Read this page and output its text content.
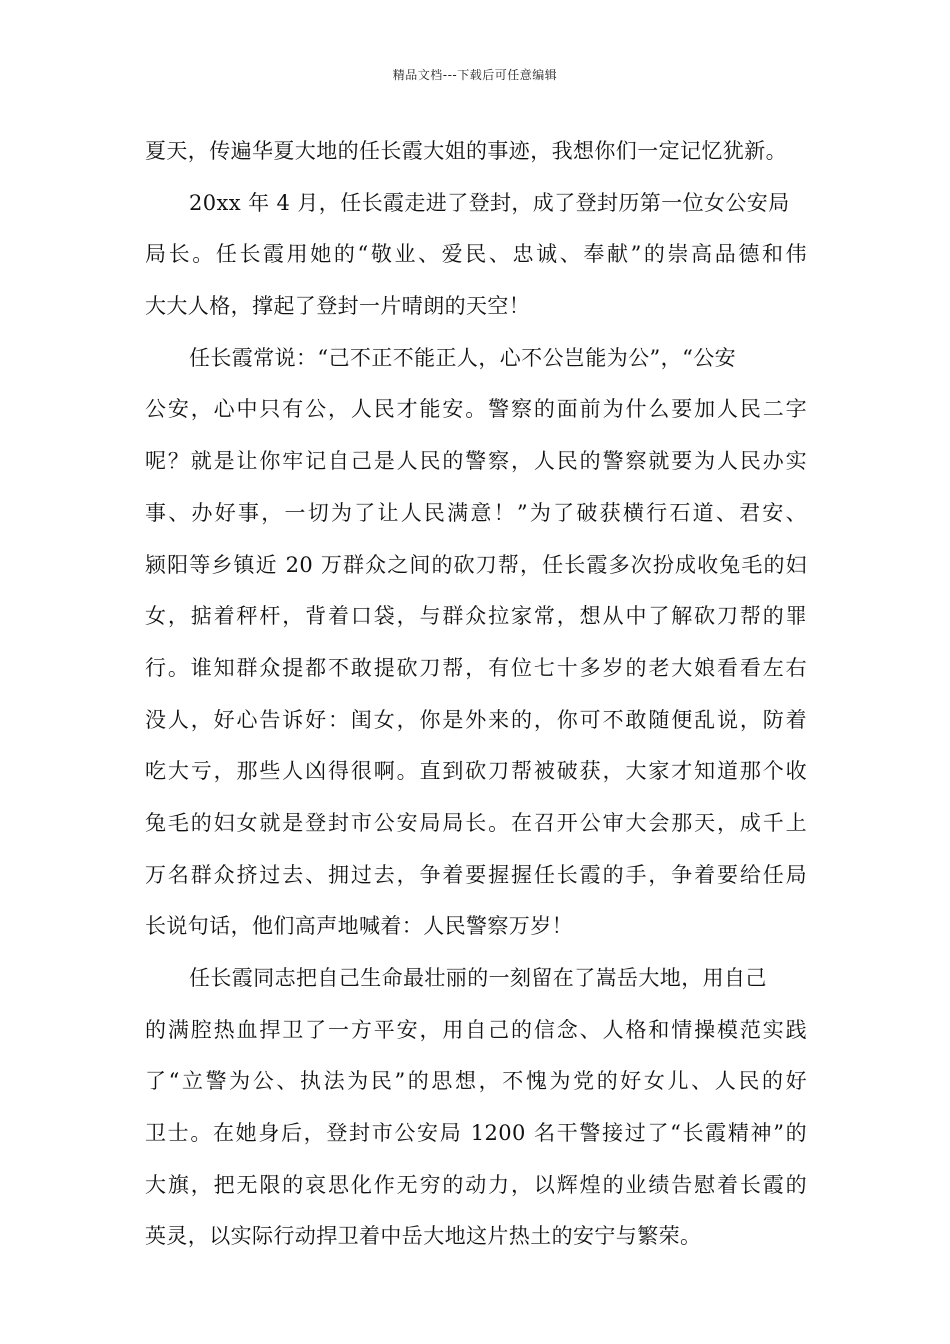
精品文档---下载后可任意编辑
夏天，传遍华夏大地的任长霞大姐的事迹，我想你们一定记忆犹新。
20xx 年 4 月，任长霞走进了登封，成了登封历第一位女公安局
局长。任长霞用她的“敬业、爱民、忠诚、奉献”的崇高品德和伟
大大人格，撑起了登封一片晴朗的天空！
任长霞常说：“己不正不能正人，心不公岂能为公”，“公安
公安，心中只有公，人民才能安。警察的面前为什么要加人民二字
呢？就是让你牢记自己是人民的警察，人民的警察就要为人民办实
事、办好事，一切为了让人民满意！”为了破获横行石道、君安、
颍阳等乡镇近 20 万群众之间的砍刀帮，任长霞多次扮成收兔毛的妇
女，掂着秤杆，背着口袋，与群众拉家常，想从中了解砍刀帮的罪
行。谁知群众提都不敢提砍刀帮，有位七十多岁的老大娘看看左右
没人，好心告诉好：闺女，你是外来的，你可不敢随便乱说，防着
吃大亏，那些人凶得很啊。直到砍刀帮被破获，大家才知道那个收
兔毛的妇女就是登封市公安局局长。在召开公审大会那天，成千上
万名群众挤过去、拥过去，争着要握握任长霞的手，争着要给任局
长说句话，他们高声地喊着：人民警察万岁！
任长霞同志把自己生命最壮丽的一刻留在了嵩岳大地，用自己
的满腔热血捍卫了一方平安，用自己的信念、人格和情操模范实践
了“立警为公、执法为民”的思想，不愧为党的好女儿、人民的好
卫士。在她身后，登封市公安局 1200 名干警接过了“长霞精神”的
大旗，把无限的哀思化作无穷的动力，以辉煌的业绩告慰着长霞的
英灵，以实际行动捍卫着中岳大地这片热土的安宁与繁荣。
